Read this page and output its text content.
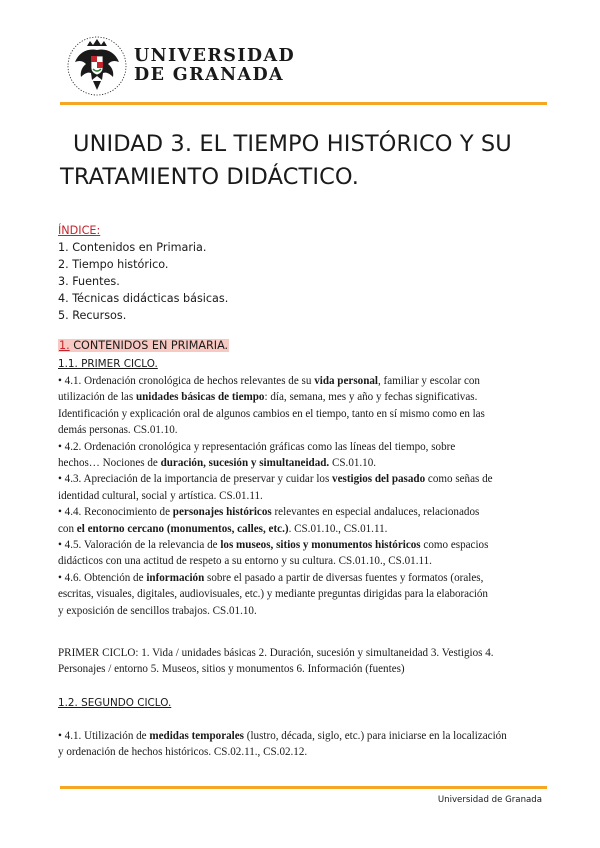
UNIVERSIDAD
DE GRANADA
UNIDAD 3. EL TIEMPO HISTÓRICO Y SU
TRATAMIENTO DIDÁCTICO.
ÍNDICE:
1. Contenidos en Primaria.
2. Tiempo histórico.
3. Fuentes.
4. Técnicas didácticas básicas.
5. Recursos.
1. CONTENIDOS EN PRIMARIA.
1.1. PRIMER CICLO.

• 4.1. Ordenación cronológica de hechos relevantes de su vida personal, familiar y escolar con
utilización de las unidades básicas de tiempo: día, semana, mes y año y fechas significativas.
Identificación y explicación oral de algunos cambios en el tiempo, tanto en sí mismo como en las
demás personas. CS.01.10.

• 4.2. Ordenación cronológica y representación gráficas como las líneas del tiempo, sobre
hechos… Nociones de duración, sucesión y simultaneidad. CS.01.10.

• 4.3. Apreciación de la importancia de preservar y cuidar los vestigios del pasado como señas de
identidad cultural, social y artística. CS.01.11.

• 4.4. Reconocimiento de personajes históricos relevantes en especial andaluces, relacionados
con el entorno cercano (monumentos, calles, etc.). CS.01.10., CS.01.11.

• 4.5. Valoración de la relevancia de los museos, sitios y monumentos históricos como espacios
didácticos con una actitud de respeto a su entorno y su cultura. CS.01.10., CS.01.11.

• 4.6. Obtención de información sobre el pasado a partir de diversas fuentes y formatos (orales,
escritas, visuales, digitales, audiovisuales, etc.) y mediante preguntas dirigidas para la elaboración
y exposición de sencillos trabajos. CS.01.10.

PRIMER CICLO: 1. Vida / unidades básicas 2. Duración, sucesión y simultaneidad 3. Vestigios 4.
Personajes / entorno 5. Museos, sitios y monumentos 6. Información (fuentes)
1.2. SEGUNDO CICLO.

• 4.1. Utilización de medidas temporales (lustro, década, siglo, etc.) para iniciarse en la localización
y ordenación de hechos históricos. CS.02.11., CS.02.12.

Universidad de Granada
